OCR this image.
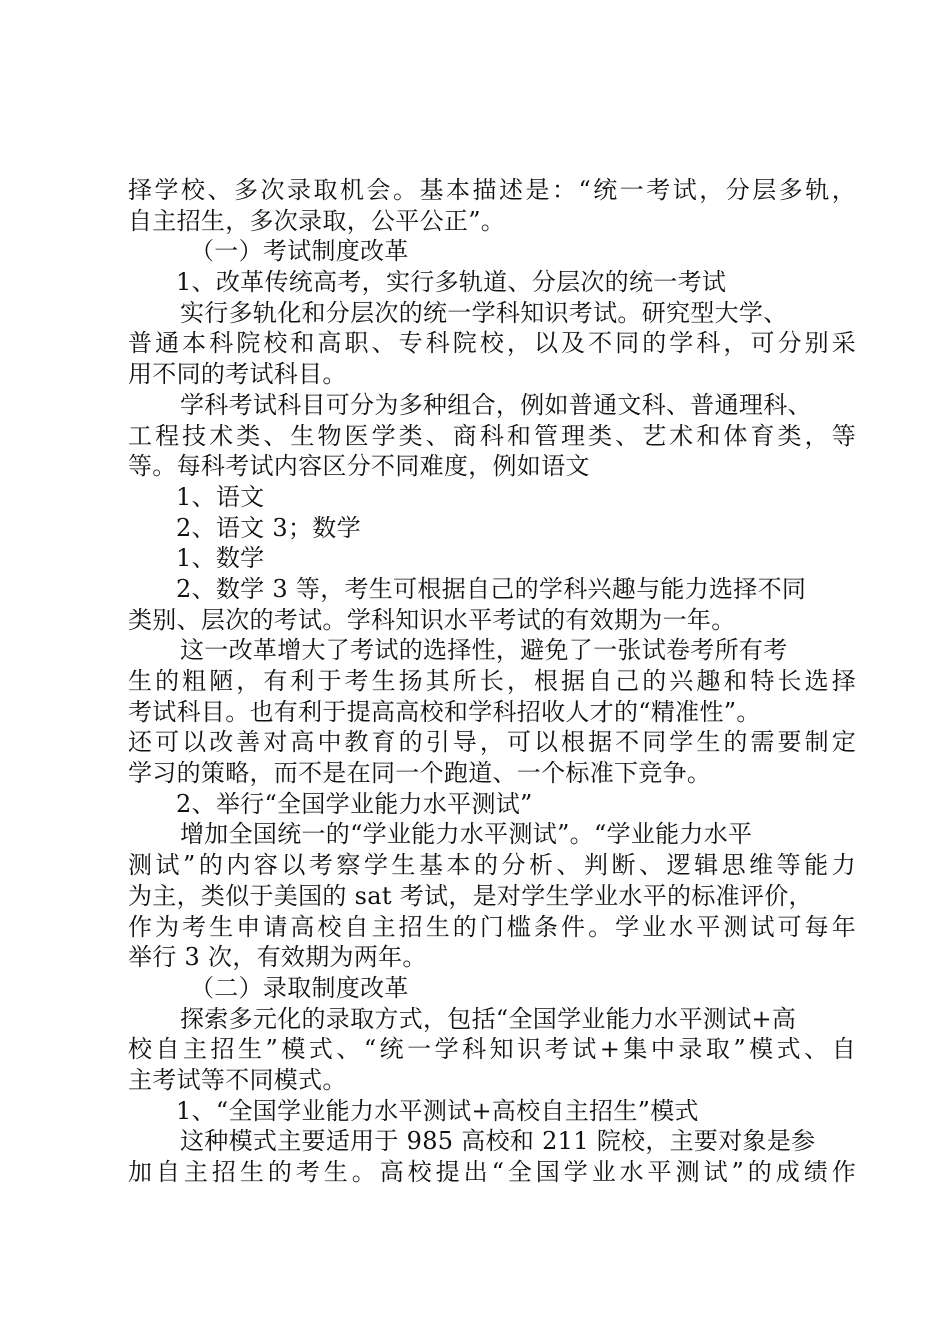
择学校、多次录取机会。基本描述是：“统一考试，分层多轨，
自主招生，多次录取，公平公正”。
（一）考试制度改革
1、改革传统高考，实行多轨道、分层次的统一考试
实行多轨化和分层次的统一学科知识考试。研究型大学、
普通本科院校和高职、专科院校，以及不同的学科，可分别采
用不同的考试科目。
学科考试科目可分为多种组合，例如普通文科、普通理科、
工程技术类、生物医学类、商科和管理类、艺术和体育类，等
等。每科考试内容区分不同难度，例如语文
1、语文
2、语文 3；数学
1、数学
2、数学 3 等，考生可根据自己的学科兴趣与能力选择不同
类别、层次的考试。学科知识水平考试的有效期为一年。
这一改革增大了考试的选择性，避免了一张试卷考所有考
生的粗陋，有利于考生扬其所长，根据自己的兴趣和特长选择
考试科目。也有利于提高高校和学科招收人才的“精准性”。
还可以改善对高中教育的引导，可以根据不同学生的需要制定
学习的策略，而不是在同一个跑道、一个标准下竞争。
2、举行“全国学业能力水平测试”
增加全国统一的“学业能力水平测试”。“学业能力水平
测试”的内容以考察学生基本的分析、判断、逻辑思维等能力
为主，类似于美国的 sat 考试，是对学生学业水平的标准评价，
作为考生申请高校自主招生的门槛条件。学业水平测试可每年
举行 3 次，有效期为两年。
（二）录取制度改革
探索多元化的录取方式，包括“全国学业能力水平测试+高
校自主招生”模式、“统一学科知识考试+集中录取”模式、自
主考试等不同模式。
1、“全国学业能力水平测试+高校自主招生”模式
这种模式主要适用于 985 高校和 211 院校，主要对象是参
加自主招生的考生。高校提出“全国学业水平测试”的成绩作
